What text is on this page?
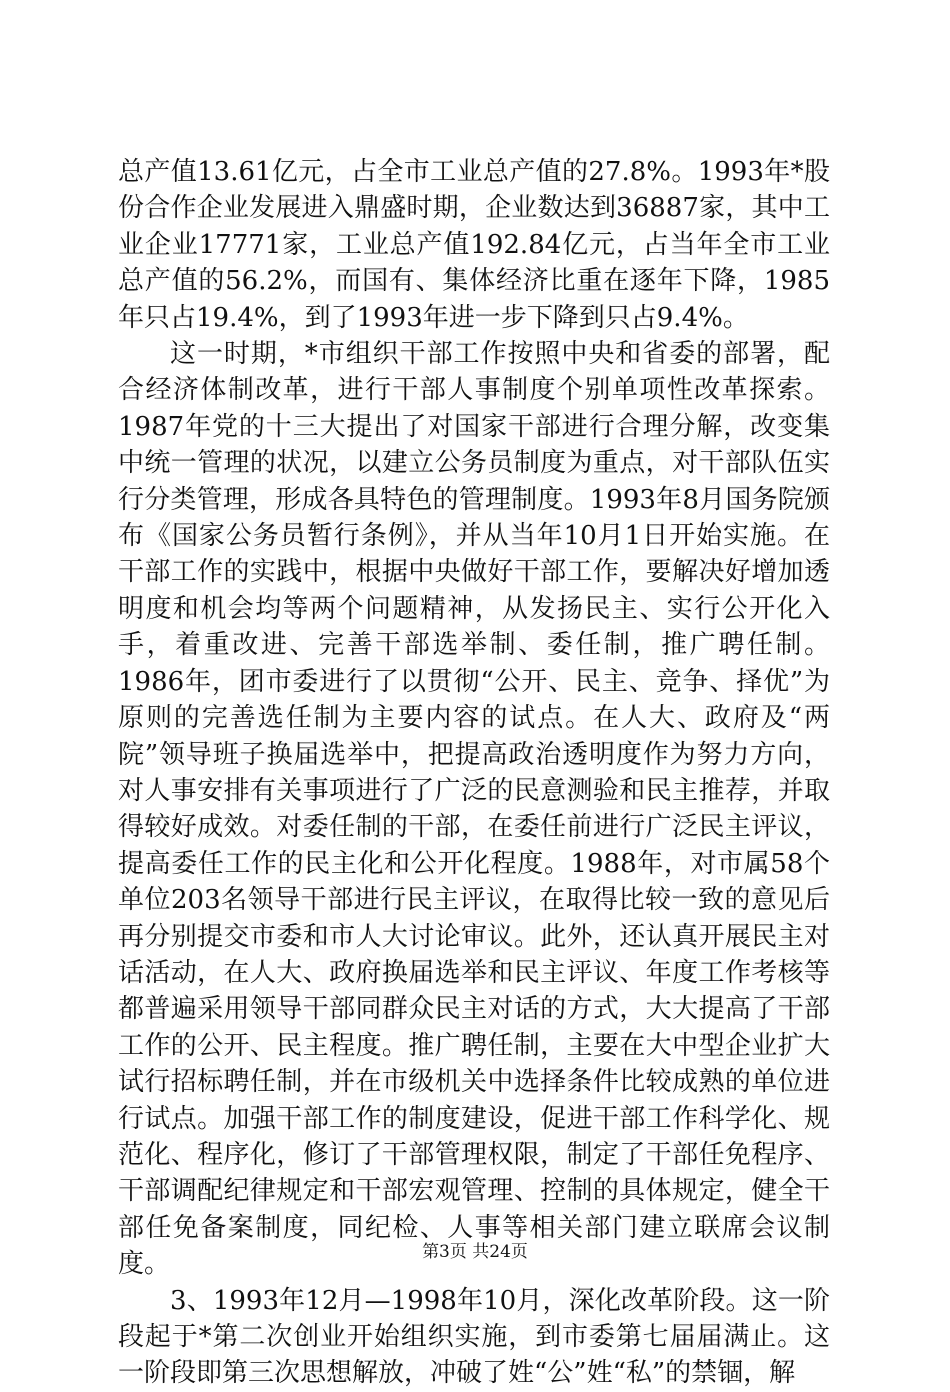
总产值13.61亿元，占全市工业总产值的27.8%。1993年*股份合作企业发展进入鼎盛时期，企业数达到36887家，其中工业企业17771家，工业总产值192.84亿元，占当年全市工业总产值的56.2%，而国有、集体经济比重在逐年下降，1985年只占19.4%，到了1993年进一步下降到只占9.4%。

这一时期，*市组织干部工作按照中央和省委的部署，配合经济体制改革，进行干部人事制度个别单项性改革探索。1987年党的十三大提出了对国家干部进行合理分解，改变集中统一管理的状况，以建立公务员制度为重点，对干部队伍实行分类管理，形成各具特色的管理制度。1993年8月国务院颁布《国家公务员暂行条例》，并从当年10月1日开始实施。在干部工作的实践中，根据中央做好干部工作，要解决好增加透明度和机会均等两个问题精神，从发扬民主、实行公开化入手，着重改进、完善干部选举制、委任制，推广聘任制。1986年，团市委进行了以贯彻“公开、民主、竞争、择优”为原则的完善选任制为主要内容的试点。在人大、政府及“两院”领导班子换届选举中，把提高政治透明度作为努力方向，对人事安排有关事项进行了广泛的民意测验和民主推荐，并取得较好成效。对委任制的干部，在委任前进行广泛民主评议，提高委任工作的民主化和公开化程度。1988年，对市属58个单位203名领导干部进行民主评议，在取得比较一致的意见后再分别提交市委和市人大讨论审议。此外，还认真开展民主对话活动，在人大、政府换届选举和民主评议、年度工作考核等都普遍采用领导干部同群众民主对话的方式，大大提高了干部工作的公开、民主程度。推广聘任制，主要在大中型企业扩大试行招标聘任制，并在市级机关中选择条件比较成熟的单位进行试点。加强干部工作的制度建设，促进干部工作科学化、规范化、程序化，修订了干部管理权限，制定了干部任免程序、干部调配纪律规定和干部宏观管理、控制的具体规定，健全干部任免备案制度，同纪检、人事等相关部门建立联席会议制度。

3、1993年12月—1998年10月，深化改革阶段。这一阶段起于*第二次创业开始组织实施，到市委第七届届满止。这一阶段即第三次思想解放，冲破了姓“公”姓“私”的禁锢，解

第3页 共24页
